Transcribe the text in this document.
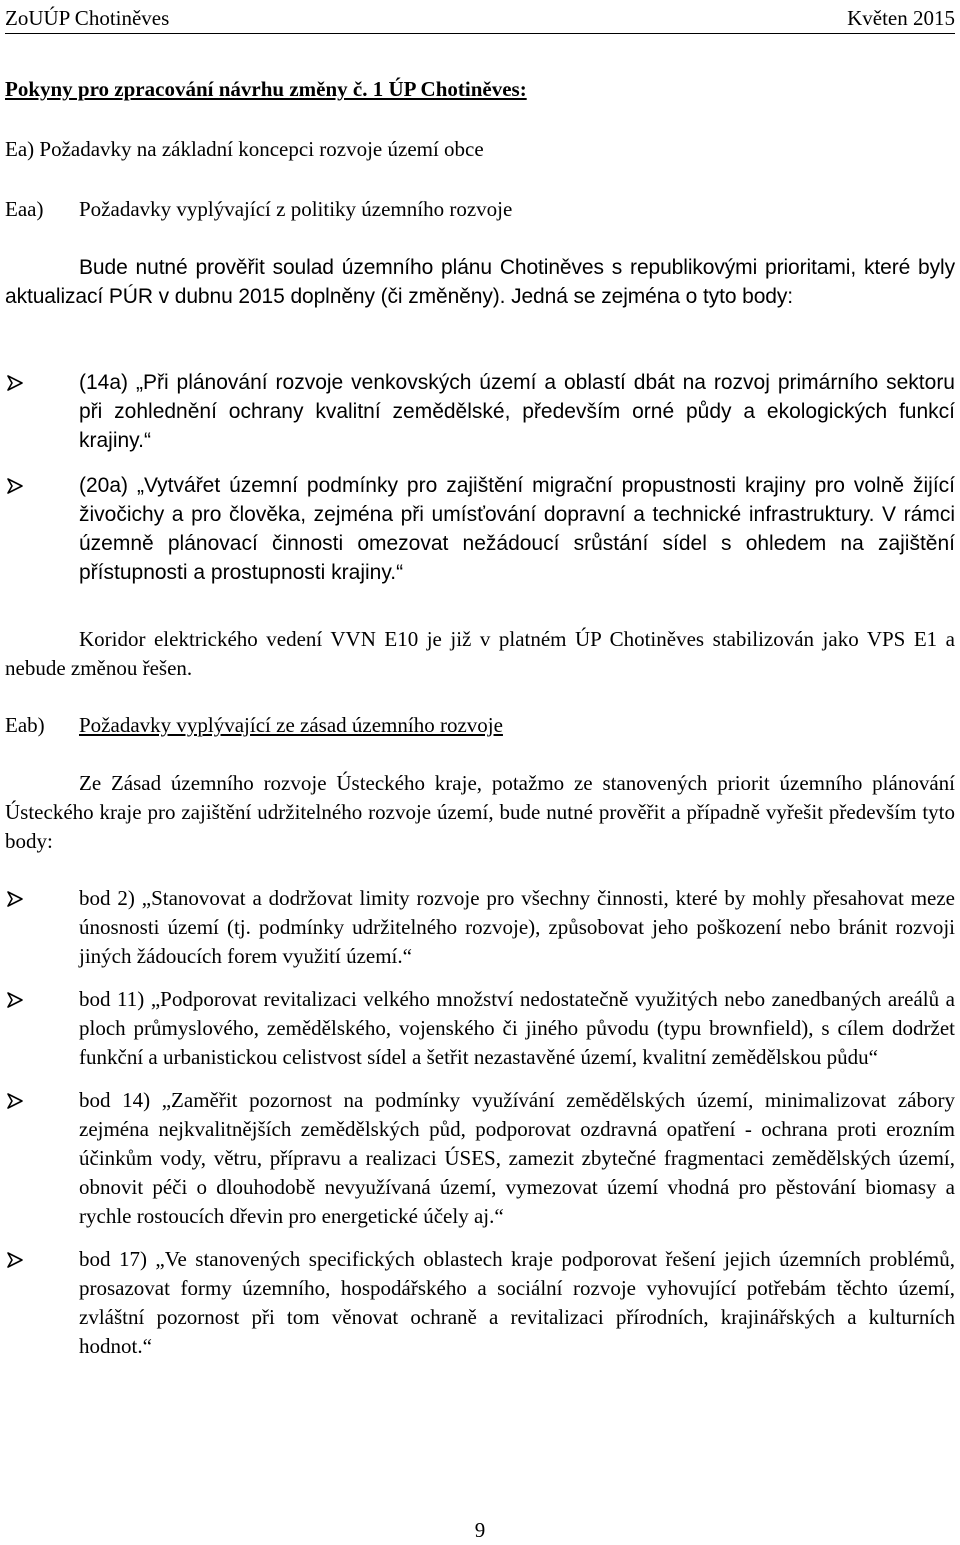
ZoUÚP Chotiněves	Květen 2015
Pokyny pro zpracování návrhu změny č. 1 ÚP Chotiněves:
Ea) Požadavky na základní koncepci rozvoje území obce
Eaa) Požadavky vyplývající z politiky územního rozvoje
Bude nutné prověřit soulad územního plánu Chotiněves s republikovými prioritami, které byly aktualizací PÚR v dubnu 2015 doplněny (či změněny). Jedná se zejména o tyto body:
(14a) „Při plánování rozvoje venkovských území a oblastí dbát na rozvoj primárního sektoru při zohlednění ochrany kvalitní zemědělské, především orné půdy a ekologických funkcí krajiny.“
(20a) „Vytvářet územní podmínky pro zajištění migrační propustnosti krajiny pro volně žijící živočichy a pro člověka, zejména při umísťování dopravní a technické infrastruktury. V rámci územně plánovací činnosti omezovat nežádoucí srůstání sídel s ohledem na zajištění přístupnosti a prostupnosti krajiny.“
Koridor elektrického vedení VVN E10 je již v platném ÚP Chotiněves stabilizován jako VPS E1 a nebude změnou řešen.
Eab) Požadavky vyplývající ze zásad územního rozvoje
Ze Zásad územního rozvoje Ústeckého kraje, potažmo ze stanovených priorit územního plánování Ústeckého kraje pro zajištění udržitelného rozvoje území, bude nutné prověřit a případně vyřešit především tyto body:
bod 2) „Stanovovat a dodržovat limity rozvoje pro všechny činnosti, které by mohly přesahovat meze únosnosti území (tj. podmínky udržitelného rozvoje), způsobovat jeho poškození nebo bránit rozvoji jiných žádoucích forem využití území.“
bod 11) „Podporovat revitalizaci velkého množství nedostatečně využitých nebo zanedbaných areálů a ploch průmyslového, zemědělského, vojenského či jiného původu (typu brownfield), s cílem dodržet funkční a urbanistickou celistvost sídel a šetřit nezastavěné území, kvalitní zemědělskou půdu“
bod 14) „Zaměřit pozornost na podmínky využívání zemědělských území, minimalizovat zábory zejména nejkvalitnějších zemědělských půd, podporovat ozdravná opatření - ochrana proti erozním účinkům vody, větru, přípravu a realizaci ÚSES, zamezit zbytečné fragmentaci zemědělských území, obnovit péči o dlouhodobě nevyužívaná území, vymezovat území vhodná pro pěstování biomasy a rychle rostoucích dřevin pro energetické účely aj.“
bod 17) „Ve stanovených specifických oblastech kraje podporovat řešení jejich územních problémů, prosazovat formy územního, hospodářského a sociální rozvoje vyhovující potřebám těchto území, zvláštní pozornost při tom věnovat ochraně a revitalizaci přírodních, krajinářských a kulturních hodnot.“
9
